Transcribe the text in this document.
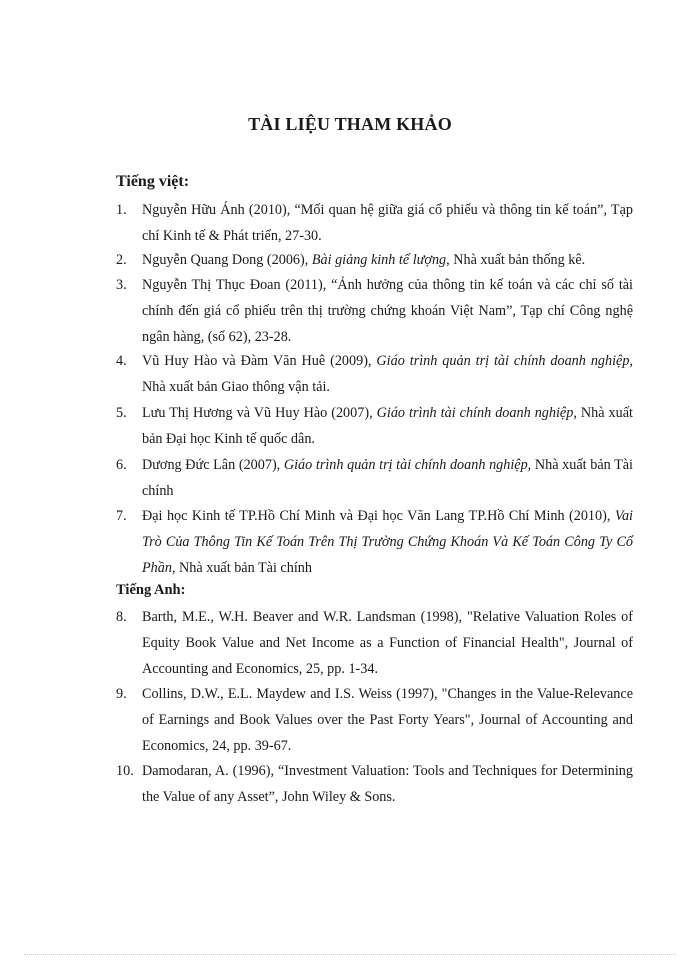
TÀI LIỆU THAM KHẢO
Tiếng việt:
1. Nguyễn Hữu Ánh (2010), “Mối quan hệ giữa giá cổ phiếu và thông tin kế toán”, Tạp chí Kinh tế & Phát triển, 27-30.
2. Nguyễn Quang Dong (2006), Bài giảng kinh tế lượng, Nhà xuất bản thống kê.
3. Nguyễn Thị Thục Đoan (2011), “Ảnh hưởng của thông tin kế toán và các chỉ số tài chính đến giá cổ phiếu trên thị trường chứng khoán Việt Nam”, Tạp chí Công nghệ ngân hàng, (số 62), 23-28.
4. Vũ Huy Hào và Đàm Văn Huê (2009), Giáo trình quản trị tài chính doanh nghiệp, Nhà xuất bản Giao thông vận tải.
5. Lưu Thị Hương và Vũ Huy Hào (2007), Giáo trình tài chính doanh nghiệp, Nhà xuất bản Đại học Kinh tế quốc dân.
6. Dương Đức Lân (2007), Giáo trình quản trị tài chính doanh nghiệp, Nhà xuất bản Tài chính
7. Đại học Kinh tế TP.Hồ Chí Minh và Đại học Văn Lang TP.Hồ Chí Minh (2010), Vai Trò Của Thông Tin Kế Toán Trên Thị Trường Chứng Khoán Và Kế Toán Công Ty Cổ Phần, Nhà xuất bản Tài chính
Tiếng Anh:
8. Barth, M.E., W.H. Beaver and W.R. Landsman (1998), "Relative Valuation Roles of Equity Book Value and Net Income as a Function of Financial Health", Journal of Accounting and Economics, 25, pp. 1-34.
9. Collins, D.W., E.L. Maydew and I.S. Weiss (1997), "Changes in the Value-Relevance of Earnings and Book Values over the Past Forty Years", Journal of Accounting and Economics, 24, pp. 39-67.
10. Damodaran, A. (1996), “Investment Valuation: Tools and Techniques for Determining the Value of any Asset”, John Wiley & Sons.
